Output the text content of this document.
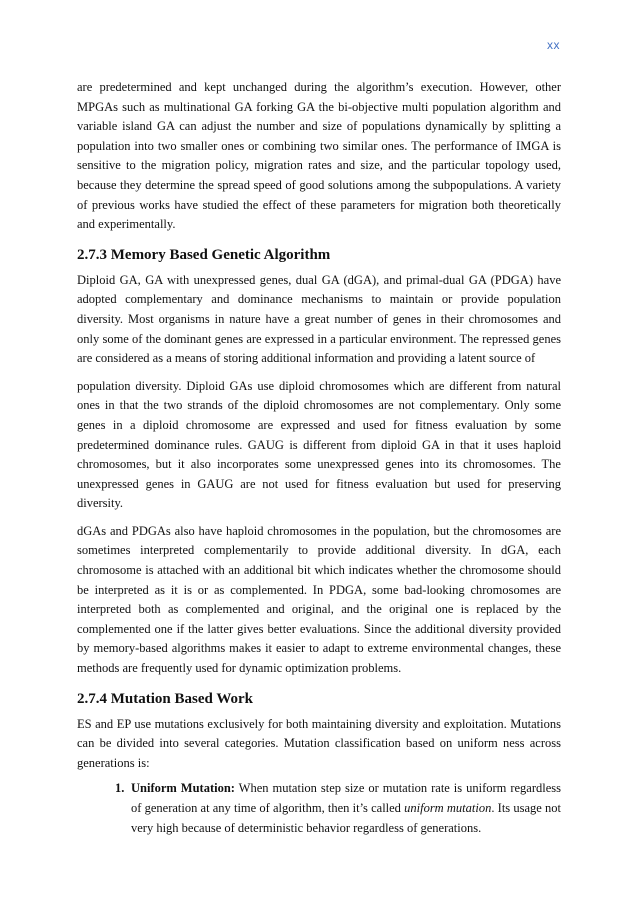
xx

are predetermined and kept unchanged during the algorithm’s execution. However, other MPGAs such as multinational GA forking GA the bi-objective multi population algorithm and variable island GA can adjust the number and size of populations dynamically by splitting a population into two smaller ones or combining two similar ones. The performance of IMGA is sensitive to the migration policy, migration rates and size, and the particular topology used, because they determine the spread speed of good solutions among the subpopulations. A variety of previous works have studied the effect of these parameters for migration both theoretically and experimentally.

2.7.3 Memory Based Genetic Algorithm

Diploid GA, GA with unexpressed genes, dual GA (dGA), and primal-dual GA (PDGA) have adopted complementary and dominance mechanisms to maintain or provide population diversity. Most organisms in nature have a great number of genes in their chromosomes and only some of the dominant genes are expressed in a particular environment. The repressed genes are considered as a means of storing additional information and providing a latent source of

population diversity. Diploid GAs use diploid chromosomes which are different from natural ones in that the two strands of the diploid chromosomes are not complementary. Only some genes in a diploid chromosome are expressed and used for fitness evaluation by some predetermined dominance rules. GAUG is different from diploid GA in that it uses haploid chromosomes, but it also incorporates some unexpressed genes into its chromosomes. The unexpressed genes in GAUG are not used for fitness evaluation but used for preserving diversity.

dGAs and PDGAs also have haploid chromosomes in the population, but the chromosomes are sometimes interpreted complementarily to provide additional diversity. In dGA, each chromosome is attached with an additional bit which indicates whether the chromosome should be interpreted as it is or as complemented. In PDGA, some bad-looking chromosomes are interpreted both as complemented and original, and the original one is replaced by the complemented one if the latter gives better evaluations. Since the additional diversity provided by memory-based algorithms makes it easier to adapt to extreme environmental changes, these methods are frequently used for dynamic optimization problems.

2.7.4 Mutation Based Work

ES and EP use mutations exclusively for both maintaining diversity and exploitation. Mutations can be divided into several categories. Mutation classification based on uniform ness across generations is:

1. Uniform Mutation: When mutation step size or mutation rate is uniform regardless of generation at any time of algorithm, then it’s called uniform mutation. Its usage not very high because of deterministic behavior regardless of generations.
